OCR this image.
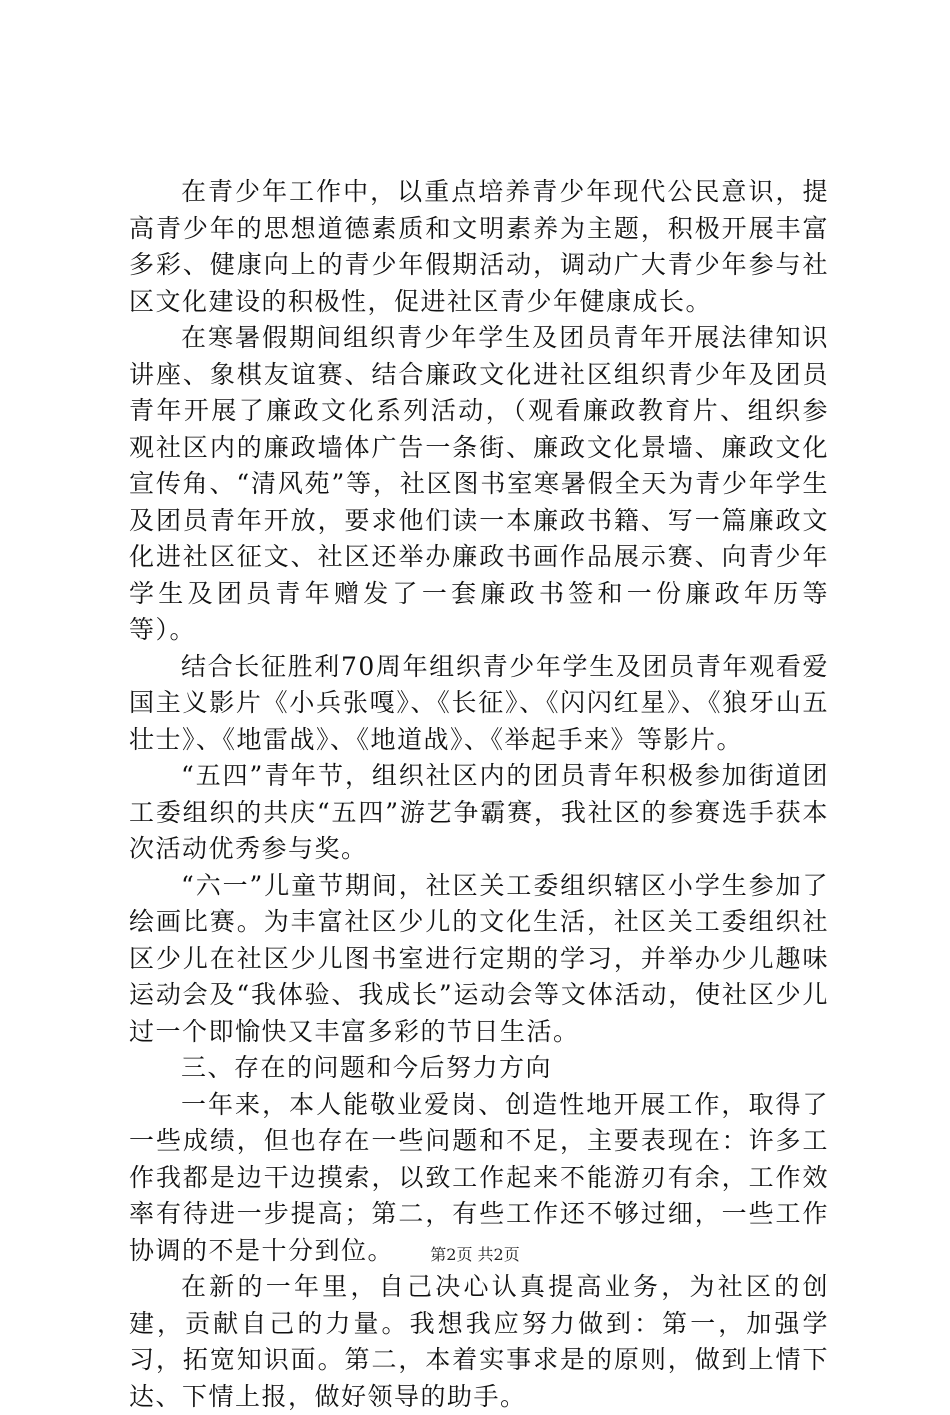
在青少年工作中，以重点培养青少年现代公民意识，提高青少年的思想道德素质和文明素养为主题，积极开展丰富多彩、健康向上的青少年假期活动，调动广大青少年参与社区文化建设的积极性，促进社区青少年健康成长。

在寒暑假期间组织青少年学生及团员青年开展法律知识讲座、象棋友谊赛、结合廉政文化进社区组织青少年及团员青年开展了廉政文化系列活动，（观看廉政教育片、组织参观社区内的廉政墙体广告一条街、廉政文化景墙、廉政文化宣传角、“清风苑”等，社区图书室寒暑假全天为青少年学生及团员青年开放，要求他们读一本廉政书籍、写一篇廉政文化进社区征文、社区还举办廉政书画作品展示赛、向青少年学生及团员青年赠发了一套廉政书签和一份廉政年历等等）。

结合长征胜利70周年组织青少年学生及团员青年观看爱国主义影片《小兵张嘎》、《长征》、《闪闪红星》、《狼牙山五壮士》、《地雷战》、《地道战》、《举起手来》等影片。

“五四”青年节，组织社区内的团员青年积极参加街道团工委组织的共庆“五四”游艺争霸赛，我社区的参赛选手获本次活动优秀参与奖。

“六一”儿童节期间，社区关工委组织辖区小学生参加了绘画比赛。为丰富社区少儿的文化生活，社区关工委组织社区少儿在社区少儿图书室进行定期的学习，并举办少儿趣味运动会及“我体验、我成长”运动会等文体活动，使社区少儿过一个即愉快又丰富多彩的节日生活。

三、存在的问题和今后努力方向

一年来，本人能敬业爱岗、创造性地开展工作，取得了一些成绩，但也存在一些问题和不足，主要表现在：许多工作我都是边干边摸索，以致工作起来不能游刃有余，工作效率有待进一步提高；第二，有些工作还不够过细，一些工作协调的不是十分到位。

在新的一年里，自己决心认真提高业务，为社区的创建，贡献自己的力量。我想我应努力做到：第一，加强学习，拓宽知识面。第二，本着实事求是的原则，做到上情下达、下情上报，做好领导的助手。

第2页 共2页
